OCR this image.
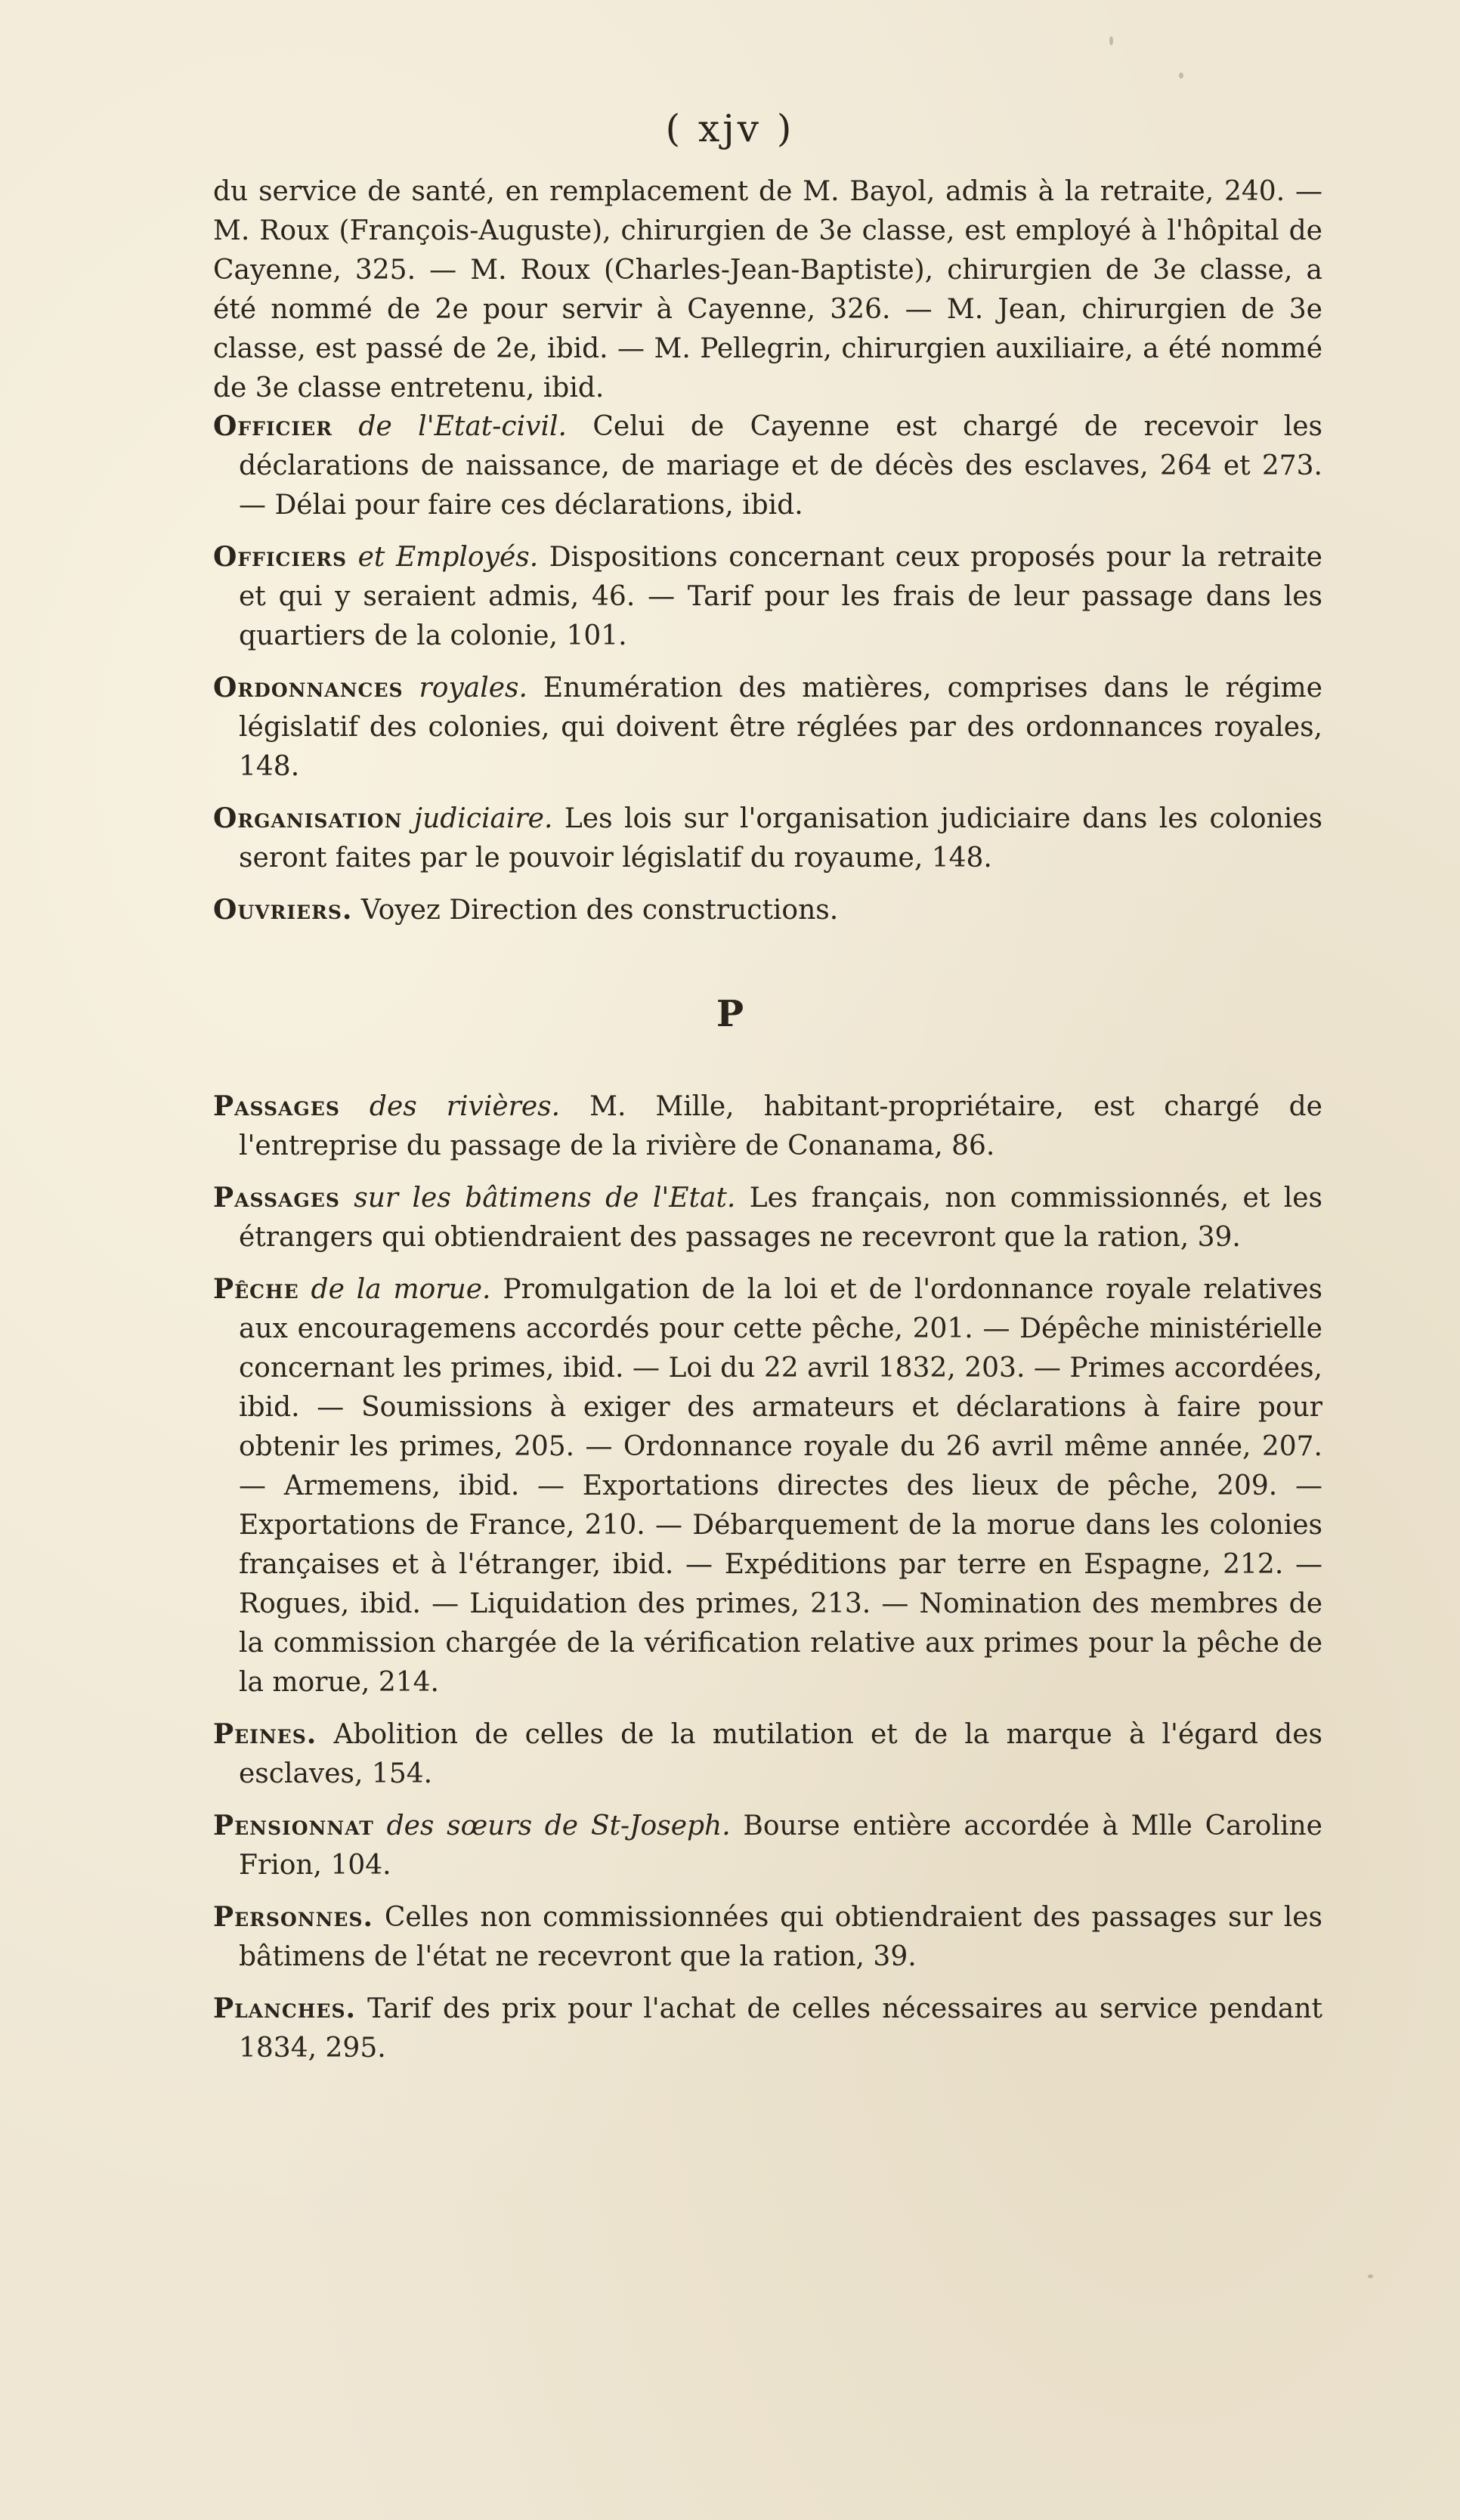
( xjv )
du service de santé, en remplacement de M. Bayol, admis à la retraite, 240. — M. Roux (François-Auguste), chirurgien de 3e classe, est employé à l'hôpital de Cayenne, 325. — M. Roux (Charles-Jean-Baptiste), chirurgien de 3e classe, a été nommé de 2e pour servir à Cayenne, 326. — M. Jean, chirurgien de 3e classe, est passé de 2e, ibid. — M. Pellegrin, chirurgien auxiliaire, a été nommé de 3e classe entretenu, ibid.

Officier de l'Etat-civil. Celui de Cayenne est chargé de recevoir les déclarations de naissance, de mariage et de décès des esclaves, 264 et 273. — Délai pour faire ces déclarations, ibid.

Officiers et Employés. Dispositions concernant ceux proposés pour la retraite et qui y seraient admis, 46. — Tarif pour les frais de leur passage dans les quartiers de la colonie, 101.

Ordonnances royales. Enumération des matières, comprises dans le régime législatif des colonies, qui doivent être réglées par des ordonnances royales, 148.

Organisation judiciaire. Les lois sur l'organisation judiciaire dans les colonies seront faites par le pouvoir législatif du royaume, 148.

Ouvriers. Voyez Direction des constructions.

P

Passages des rivières. M. Mille, habitant-propriétaire, est chargé de l'entreprise du passage de la rivière de Conanama, 86.

Passages sur les bâtimens de l'Etat. Les français, non commissionnés, et les étrangers qui obtiendraient des passages ne recevront que la ration, 39.

Pêche de la morue. Promulgation de la loi et de l'ordonnance royale relatives aux encouragemens accordés pour cette pêche, 201. — Dépêche ministérielle concernant les primes, ibid. — Loi du 22 avril 1832, 203. — Primes accordées, ibid. — Soumissions à exiger des armateurs et déclarations à faire pour obtenir les primes, 205. — Ordonnance royale du 26 avril même année, 207. — Armemens, ibid. — Exportations directes des lieux de pêche, 209. — Exportations de France, 210. — Débarquement de la morue dans les colonies françaises et à l'étranger, ibid. — Expéditions par terre en Espagne, 212. — Rogues, ibid. — Liquidation des primes, 213. — Nomination des membres de la commission chargée de la vérification relative aux primes pour la pêche de la morue, 214.

Peines. Abolition de celles de la mutilation et de la marque à l'égard des esclaves, 154.

Pensionnat des sœurs de St-Joseph. Bourse entière accordée à Mlle Caroline Frion, 104.

Personnes. Celles non commissionnées qui obtiendraient des passages sur les bâtimens de l'état ne recevront que la ration, 39.

Planches. Tarif des prix pour l'achat de celles nécessaires au service pendant 1834, 295.
